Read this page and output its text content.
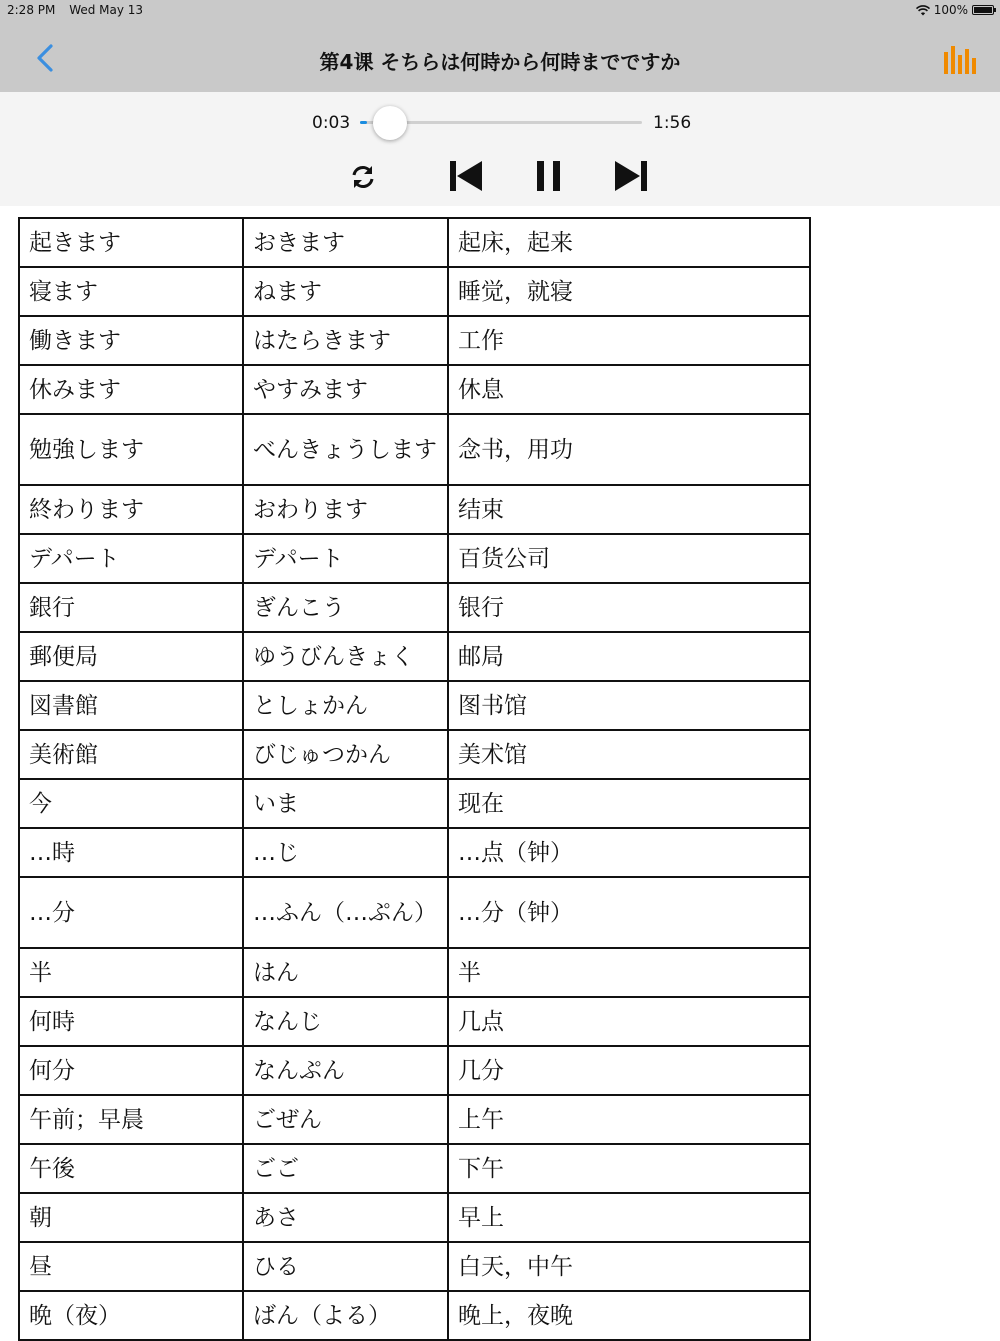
2:28 PM Wed May 13	100%
第4课 そちらは何時から何時までですか
0:03	1:56
起きます	おきます	起床，起来
寝ます	ねます	睡觉，就寝
働きます	はたらきます	工作
休みます	やすみます	休息
勉強します	べんきょうします	念书，用功
終わります	おわります	结束
デパート	デパート	百货公司
銀行	ぎんこう	银行
郵便局	ゆうびんきょく	邮局
図書館	としょかん	图书馆
美術館	びじゅつかん	美术馆
今	いま	现在
…時	…じ	…点（钟）
…分	…ふん（…ぷん）	…分（钟）
半	はん	半
何時	なんじ	几点
何分	なんぷん	几分
午前；早晨	ごぜん	上午
午後	ごご	下午
朝	あさ	早上
昼	ひる	白天，中午
晩（夜）	ばん（よる）	晚上，夜晚
